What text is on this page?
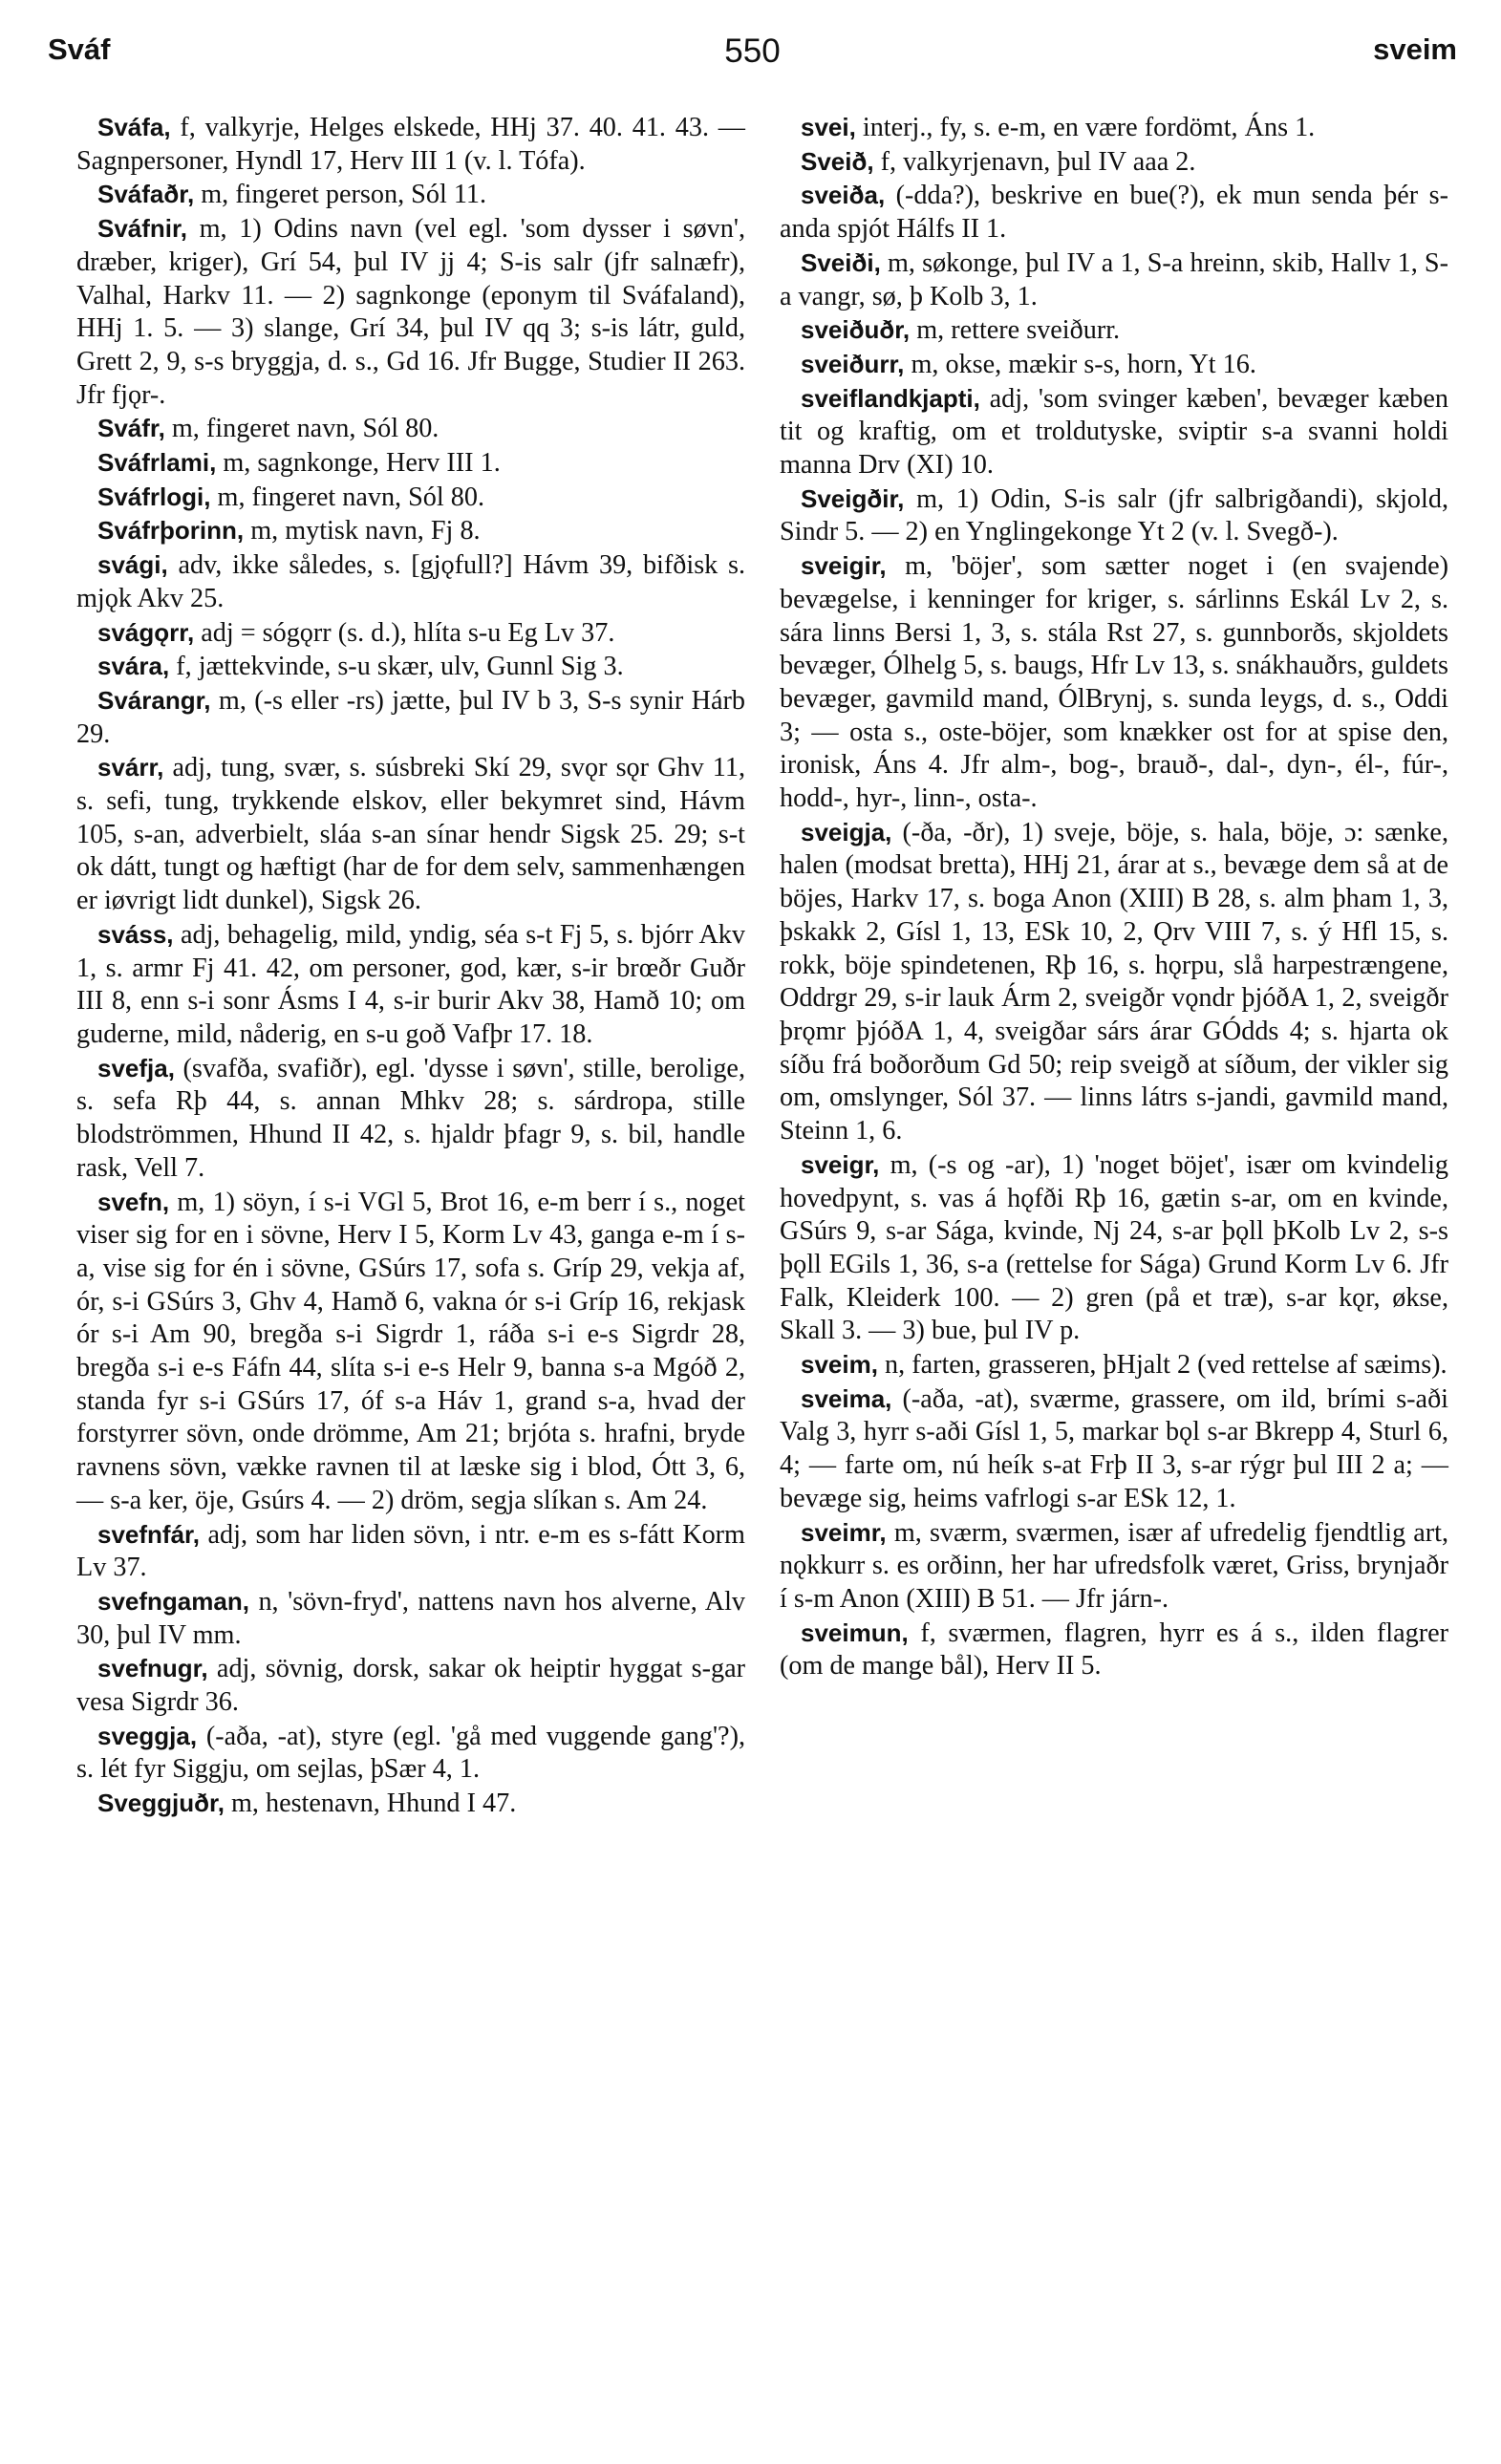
Sváf	550	sveim

Sváfa, f, valkyrje, Helges elskede, HHj 37. 40. 41. 43. — Sagnpersoner, Hyndl 17, Herv III 1 (v. l. Tófa).

Sváfaðr, m, fingeret person, Sól 11.

Sváfnir, m, 1) Odins navn (vel egl. 'som dysser i søvn', dræber, kriger), Grí 54, þul IV jj 4; S-is salr (jfr salnæfr), Valhal, Harkv 11. — 2) sagnkonge (eponym til Sváfaland), HHj 1. 5. — 3) slange, Grí 34, þul IV qq 3; s-is látr, guld, Grett 2, 9, s-s bryggja, d. s., Gd 16. Jfr Bugge, Studier II 263. Jfr fjǫr-.

Sváfr, m, fingeret navn, Sól 80.

Sváfrlami, m, sagnkonge, Herv III 1.

Sváfrlogi, m, fingeret navn, Sól 80.

Sváfrþorinn, m, mytisk navn, Fj 8.

svági, adv, ikke således, s. [gjǫfull?] Hávm 39, bifðisk s. mjǫk Akv 25.

svágǫrr, adj = sógǫrr (s. d.), hlíta s-u Eg Lv 37.

svára, f, jættekvinde, s-u skær, ulv, Gunnl Sig 3.

Svárangr, m, (-s eller -rs) jætte, þul IV b 3, S-s synir Hárb 29.

svárr, adj, tung, svær, s. súsbreki Skí 29, svǫr sǫr Ghv 11, s. sefi, tung, trykkende elskov, eller bekymret sind, Hávm 105, s-an, adverbielt, sláa s-an sínar hendr Sigsk 25. 29; s-t ok dátt, tungt og hæftigt (har de for dem selv, sammenhængen er iøvrigt lidt dunkel), Sigsk 26.

sváss, adj, behagelig, mild, yndig, séa s-t Fj 5, s. bjórr Akv 1, s. armr Fj 41. 42, om personer, god, kær, s-ir brœðr Guðr III 8, enn s-i sonr Ásms I 4, s-ir burir Akv 38, Hamð 10; om guderne, mild, nåderig, en s-u goð Vafþr 17. 18.

svefja, (svafða, svafiðr), egl. 'dysse i søvn', stille, berolige, s. sefa Rþ 44, s. annan Mhkv 28; s. sárdropa, stille blodströmmen, Hhund II 42, s. hjaldr þfagr 9, s. bil, handle rask, Vell 7.

svefn, m, 1) söyn, í s-i VGl 5, Brot 16, e-m berr í s., noget viser sig for en i sövne, Herv I 5, Korm Lv 43, ganga e-m í s-a, vise sig for én i sövne, GSúrs 17, sofa s. Gríp 29, vekja af, ór, s-i GSúrs 3, Ghv 4, Hamð 6, vakna ór s-i Gríp 16, rekjask ór s-i Am 90, bregða s-i Sigrdr 1, ráða s-i e-s Sigrdr 28, bregða s-i e-s Fáfn 44, slíta s-i e-s Helr 9, banna s-a Mgóð 2, standa fyr s-i GSúrs 17, óf s-a Háv 1, grand s-a, hvad der forstyrrer sövn, onde drömme, Am 21; brjóta s. hrafni, bryde ravnens sövn, vække ravnen til at læske sig i blod, Ótt 3, 6, — s-a ker, öje, Gsúrs 4. — 2) dröm, segja slíkan s. Am 24.

svefnfár, adj, som har liden sövn, i ntr. e-m es s-fátt Korm Lv 37.

svefngaman, n, 'sövn-fryd', nattens navn hos alverne, Alv 30, þul IV mm.

svefnugr, adj, sövnig, dorsk, sakar ok heiptir hyggat s-gar vesa Sigrdr 36.

sveggja, (-aða, -at), styre (egl. 'gå med vuggende gang'?), s. lét fyr Siggju, om sejlas, þSær 4, 1.

Sveggjuðr, m, hestenavn, Hhund I 47.

svei, interj., fy, s. e-m, en være fordömt, Áns 1.

Sveið, f, valkyrjenavn, þul IV aaa 2.

sveiða, (-dda?), beskrive en bue(?), ek mun senda þér s-anda spjót Hálfs II 1.

Sveiði, m, søkonge, þul IV a 1, S-a hreinn, skib, Hallv 1, S-a vangr, sø, þ Kolb 3, 1.

sveiðuðr, m, rettere sveiðurr.

sveiðurr, m, okse, mækir s-s, horn, Yt 16.

sveiflandkjapti, adj, 'som svinger kæben', bevæger kæben tit og kraftig, om et troldutyske, sviptir s-a svanni holdi manna Drv (XI) 10.

Sveigðir, m, 1) Odin, S-is salr (jfr salbrigðandi), skjold, Sindr 5. — 2) en Ynglingekonge Yt 2 (v. l. Svegð-).

sveigir, m, 'böjer', som sætter noget i (en svajende) bevægelse, i kenninger for kriger, s. sárlinns Eskál Lv 2, s. sára linns Bersi 1, 3, s. stála Rst 27, s. gunnborðs, skjoldets bevæger, Ólhelg 5, s. baugs, Hfr Lv 13, s. snákhauðrs, guldets bevæger, gavmild mand, ÓlBrynj, s. sunda leygs, d. s., Oddi 3; — osta s., oste-böjer, som knækker ost for at spise den, ironisk, Áns 4. Jfr alm-, bog-, brauð-, dal-, dyn-, él-, fúr-, hodd-, hyr-, linn-, osta-.

sveigja, (-ða, -ðr), 1) sveje, böje, s. hala, böje, ɔ: sænke, halen (modsat bretta), HHj 21, árar at s., bevæge dem så at de böjes, Harkv 17, s. boga Anon (XIII) B 28, s. alm þham 1, 3, þskakk 2, Gísl 1, 13, ESk 10, 2, Ǫrv VIII 7, s. ý Hfl 15, s. rokk, böje spindetenen, Rþ 16, s. hǫrpu, slå harpestrængene, Oddrgr 29, s-ir lauk Árm 2, sveigðr vǫndr þjóðA 1, 2, sveigðr þrǫmr þjóðA 1, 4, sveigðar sárs árar GÓdds 4; s. hjarta ok síðu frá boðorðum Gd 50; reip sveigð at síðum, der vikler sig om, omslynger, Sól 37. — linns látrs s-jandi, gavmild mand, Steinn 1, 6.

sveigr, m, (-s og -ar), 1) 'noget böjet', især om kvindelig hovedpynt, s. vas á hǫfði Rþ 16, gætin s-ar, om en kvinde, GSúrs 9, s-ar Sága, kvinde, Nj 24, s-ar þǫll þKolb Lv 2, s-s þǫll EGils 1, 36, s-a (rettelse for Sága) Grund Korm Lv 6. Jfr Falk, Kleiderk 100. — 2) gren (på et træ), s-ar kǫr, økse, Skall 3. — 3) bue, þul IV p.

sveim, n, farten, grasseren, þHjalt 2 (ved rettelse af sæims).

sveima, (-aða, -at), sværme, grassere, om ild, brími s-aði Valg 3, hyrr s-aði Gísl 1, 5, markar bǫl s-ar Bkrepp 4, Sturl 6, 4; — farte om, nú heík s-at Frþ II 3, s-ar rýgr þul III 2 a; — bevæge sig, heims vafrlogi s-ar ESk 12, 1.

sveimr, m, sværm, sværmen, især af ufredelig fjendtlig art, nǫkkurr s. es orðinn, her har ufredsfolk været, Griss, brynjaðr í s-m Anon (XIII) B 51. — Jfr járn-.

sveimun, f, sværmen, flagren, hyrr es á s., ilden flagrer (om de mange bål), Herv II 5.
